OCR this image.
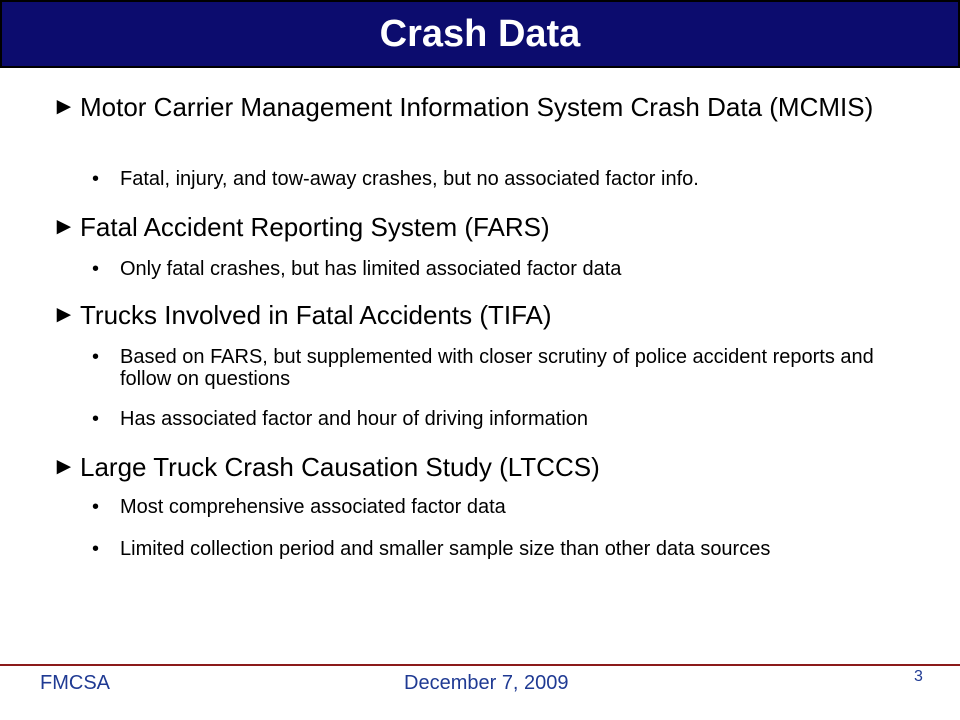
Crash Data
► Motor Carrier Management Information System Crash Data (MCMIS)
•	Fatal, injury, and tow-away crashes, but no associated factor info.
► Fatal Accident Reporting System (FARS)
•	Only fatal crashes, but has limited associated factor data
► Trucks Involved in Fatal Accidents (TIFA)
•	Based on FARS, but supplemented with closer scrutiny of police accident reports and follow on questions
•	Has associated factor and hour of driving information
► Large Truck Crash Causation Study (LTCCS)
•	Most comprehensive associated factor data
•	Limited collection period and smaller sample size than other data sources
FMCSA	December 7, 2009	3
